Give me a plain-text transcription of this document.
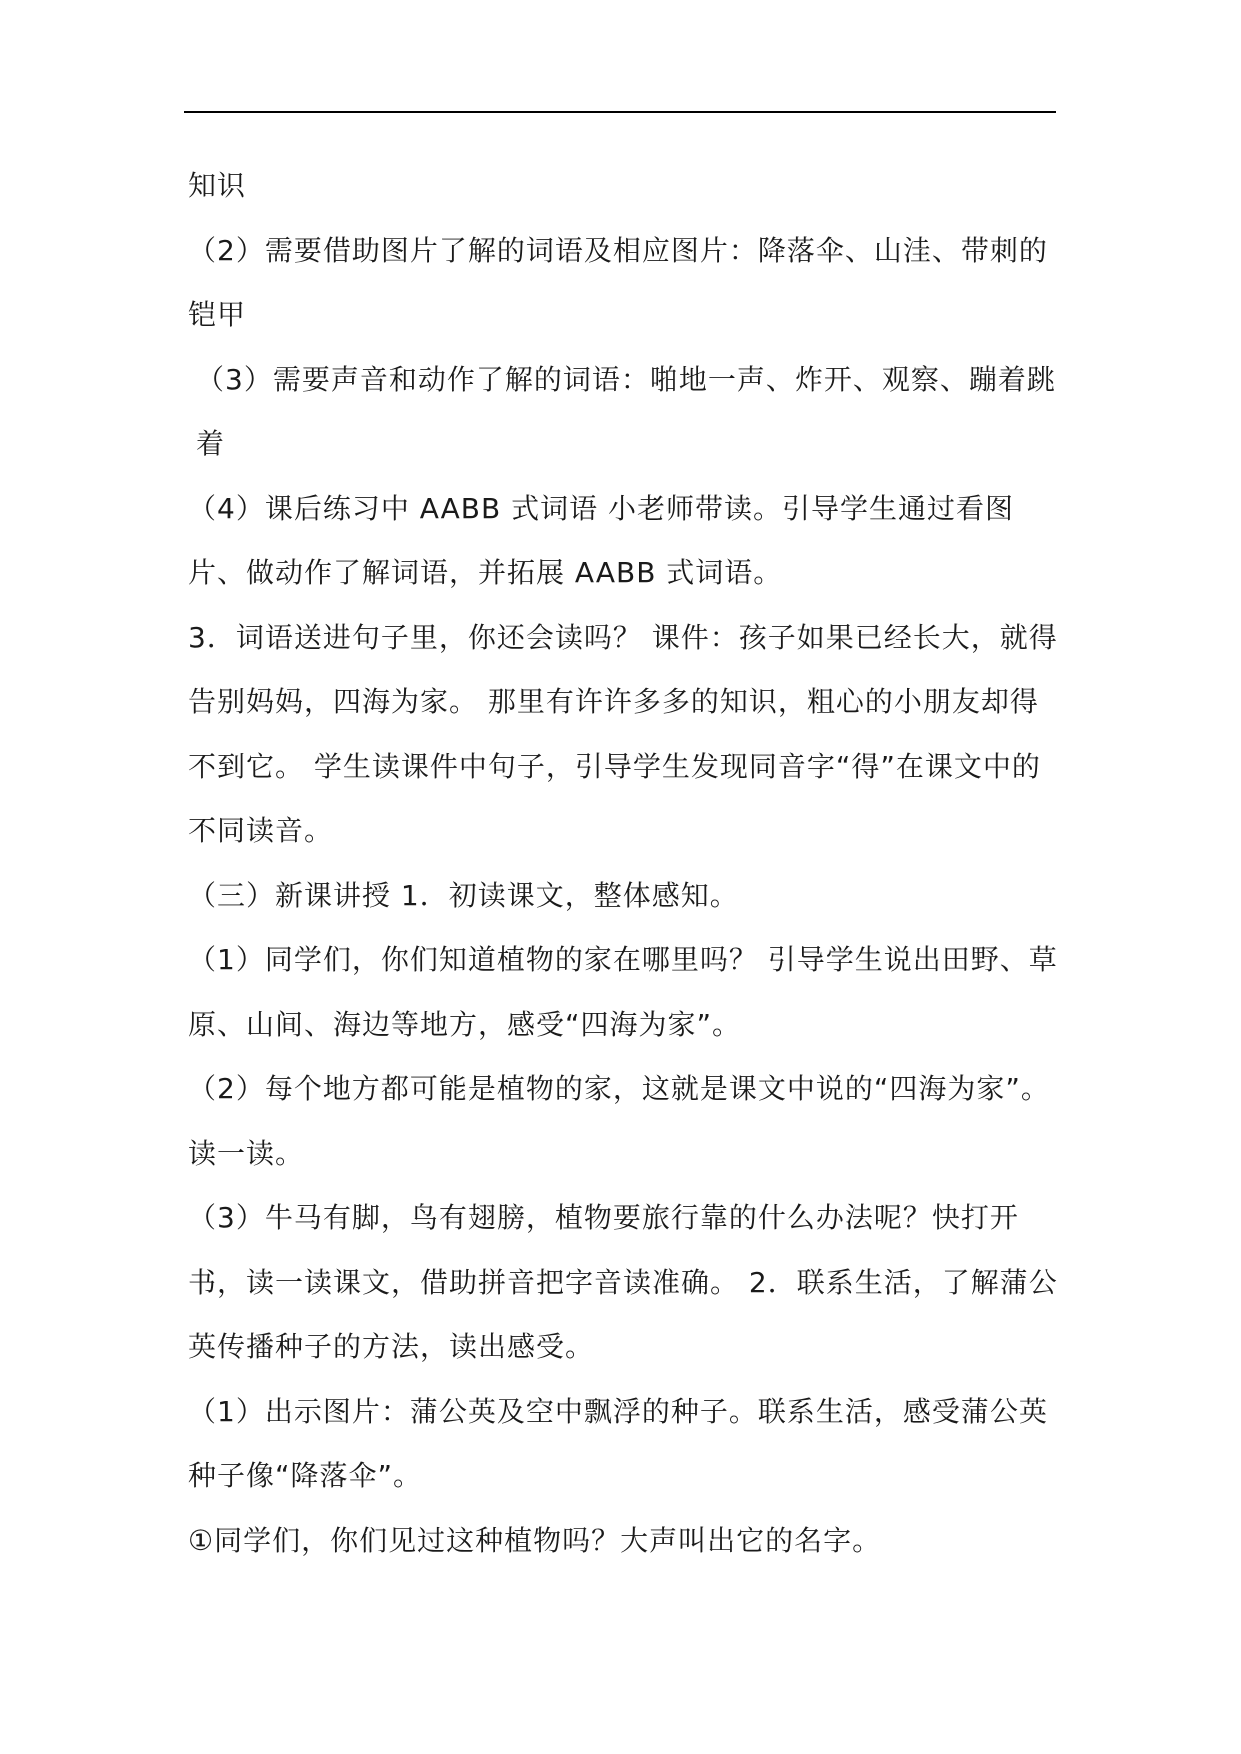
知识

（2）需要借助图片了解的词语及相应图片：降落伞、山洼、带刺的铠甲

（3）需要声音和动作了解的词语：啪地一声、炸开、观察、蹦着跳着

（4）课后练习中 AABB 式词语 小老师带读。引导学生通过看图片、做动作了解词语，并拓展 AABB 式词语。

3．词语送进句子里，你还会读吗？ 课件：孩子如果已经长大，就得告别妈妈，四海为家。 那里有许许多多的知识，粗心的小朋友却得不到它。 学生读课件中句子，引导学生发现同音字“得”在课文中的不同读音。

（三）新课讲授 1．初读课文，整体感知。

（1）同学们，你们知道植物的家在哪里吗？ 引导学生说出田野、草原、山间、海边等地方，感受“四海为家”。

（2）每个地方都可能是植物的家，这就是课文中说的“四海为家”。读一读。

（3）牛马有脚，鸟有翅膀，植物要旅行靠的什么办法呢？快打开书，读一读课文，借助拼音把字音读准确。 2．联系生活，了解蒲公英传播种子的方法，读出感受。

（1）出示图片：蒲公英及空中飘浮的种子。联系生活，感受蒲公英种子像“降落伞”。

①同学们，你们见过这种植物吗？大声叫出它的名字。
